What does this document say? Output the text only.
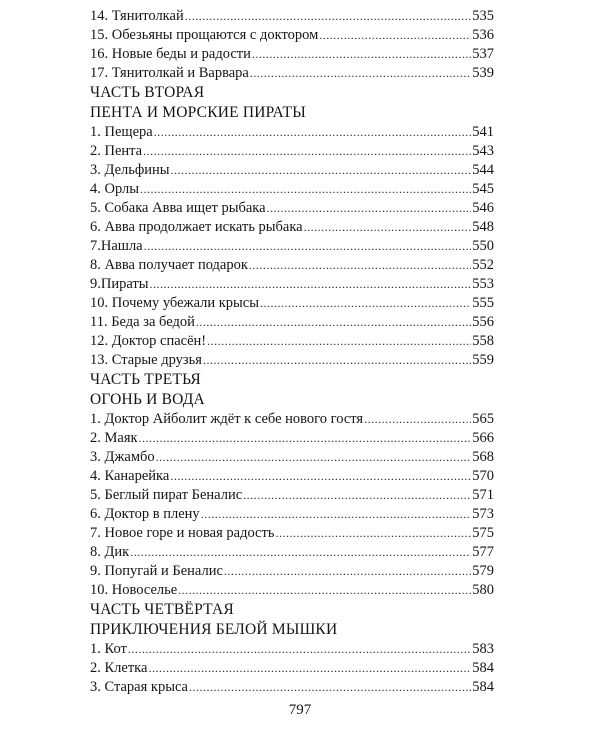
14. Тянитолкай .....	535
15. Обезьяны прощаются с доктором .....	536
16. Новые беды и радости .....	537
17. Тянитолкай и Варвара .....	539
ЧАСТЬ ВТОРАЯ
ПЕНТА И МОРСКИЕ ПИРАТЫ
1. Пещера .....	541
2. Пента .....	543
3. Дельфины .....	544
4. Орлы .....	545
5. Собака Авва ищет рыбака .....	546
6. Авва продолжает искать рыбака .....	548
7.Нашла .....	550
8. Авва получает подарок .....	552
9.Пираты .....	553
10. Почему убежали крысы .....	555
11. Беда за бедой .....	556
12. Доктор спасён! .....	558
13. Старые друзья .....	559
ЧАСТЬ ТРЕТЬЯ
ОГОНЬ И ВОДА
1. Доктор Айболит ждёт к себе нового гостя .....	565
2. Маяк .....	566
3. Джамбо .....	568
4. Канарейка .....	570
5. Беглый пират Беналис .....	571
6. Доктор в плену .....	573
7. Новое горе и новая радость .....	575
8. Дик .....	577
9. Попугай и Беналис .....	579
10. Новоселье .....	580
ЧАСТЬ ЧЕТВЁРТАЯ
ПРИКЛЮЧЕНИЯ БЕЛОЙ МЫШКИ
1. Кот .....	583
2. Клетка .....	584
3. Старая крыса .....	584
797
